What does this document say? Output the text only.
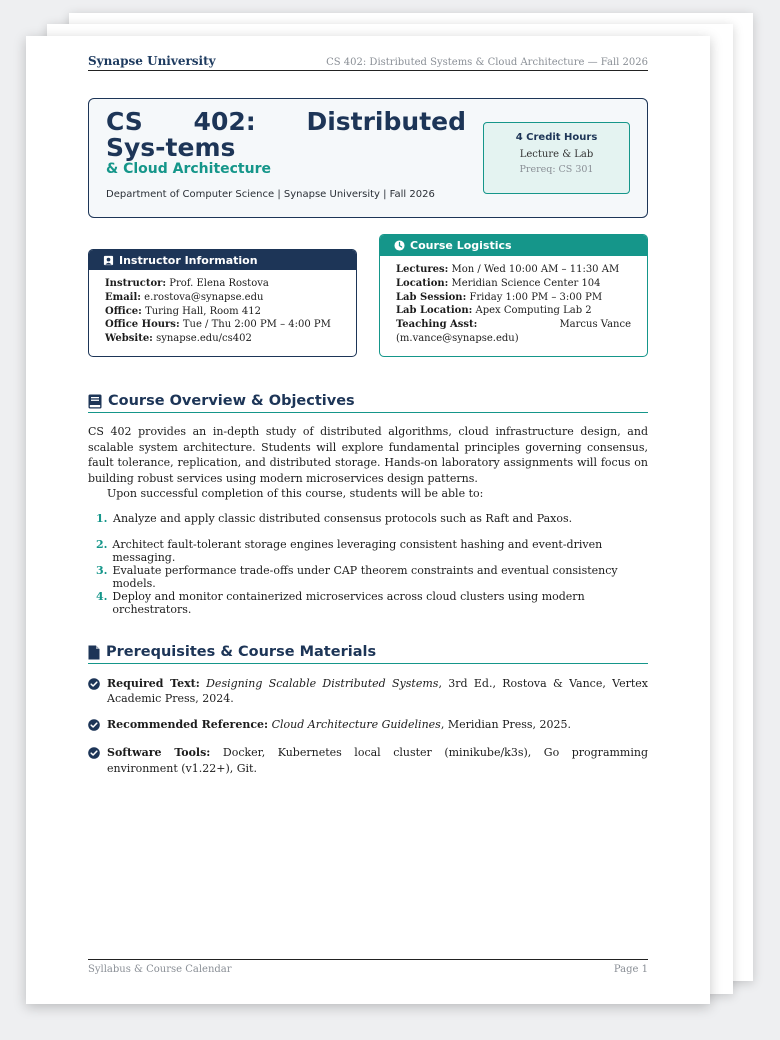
Synapse University	CS 402: Distributed Systems & Cloud Architecture — Fall 2026
CS 402: Distributed Sys-tems
& Cloud Architecture
Department of Computer Science | Synapse University | Fall 2026
4 Credit Hours
Lecture & Lab
Prereq: CS 301
Instructor Information
Instructor: Prof. Elena Rostova
Email: e.rostova@synapse.edu
Office: Turing Hall, Room 412
Office Hours: Tue / Thu 2:00 PM – 4:00 PM
Website: synapse.edu/cs402
Course Logistics
Lectures: Mon / Wed 10:00 AM – 11:30 AM
Location: Meridian Science Center 104
Lab Session: Friday 1:00 PM – 3:00 PM
Lab Location: Apex Computing Lab 2
Teaching Asst:	Marcus Vance
(m.vance@synapse.edu)
Course Overview & Objectives
CS 402 provides an in-depth study of distributed algorithms, cloud infrastructure design, and scalable system architecture. Students will explore fundamental principles governing consensus, fault tolerance, replication, and distributed storage. Hands-on laboratory assignments will focus on building robust services using modern microservices design patterns.
Upon successful completion of this course, students will be able to:
1. Analyze and apply classic distributed consensus protocols such as Raft and Paxos.
2. Architect fault-tolerant storage engines leveraging consistent hashing and event-driven messaging.
3. Evaluate performance trade-offs under CAP theorem constraints and eventual consistency models.
4. Deploy and monitor containerized microservices across cloud clusters using modern orchestrators.
Prerequisites & Course Materials
Required Text: Designing Scalable Distributed Systems, 3rd Ed., Rostova & Vance, Vertex Academic Press, 2024.
Recommended Reference: Cloud Architecture Guidelines, Meridian Press, 2025.
Software Tools: Docker, Kubernetes local cluster (minikube/k3s), Go programming environment (v1.22+), Git.
Syllabus & Course Calendar	Page 1
